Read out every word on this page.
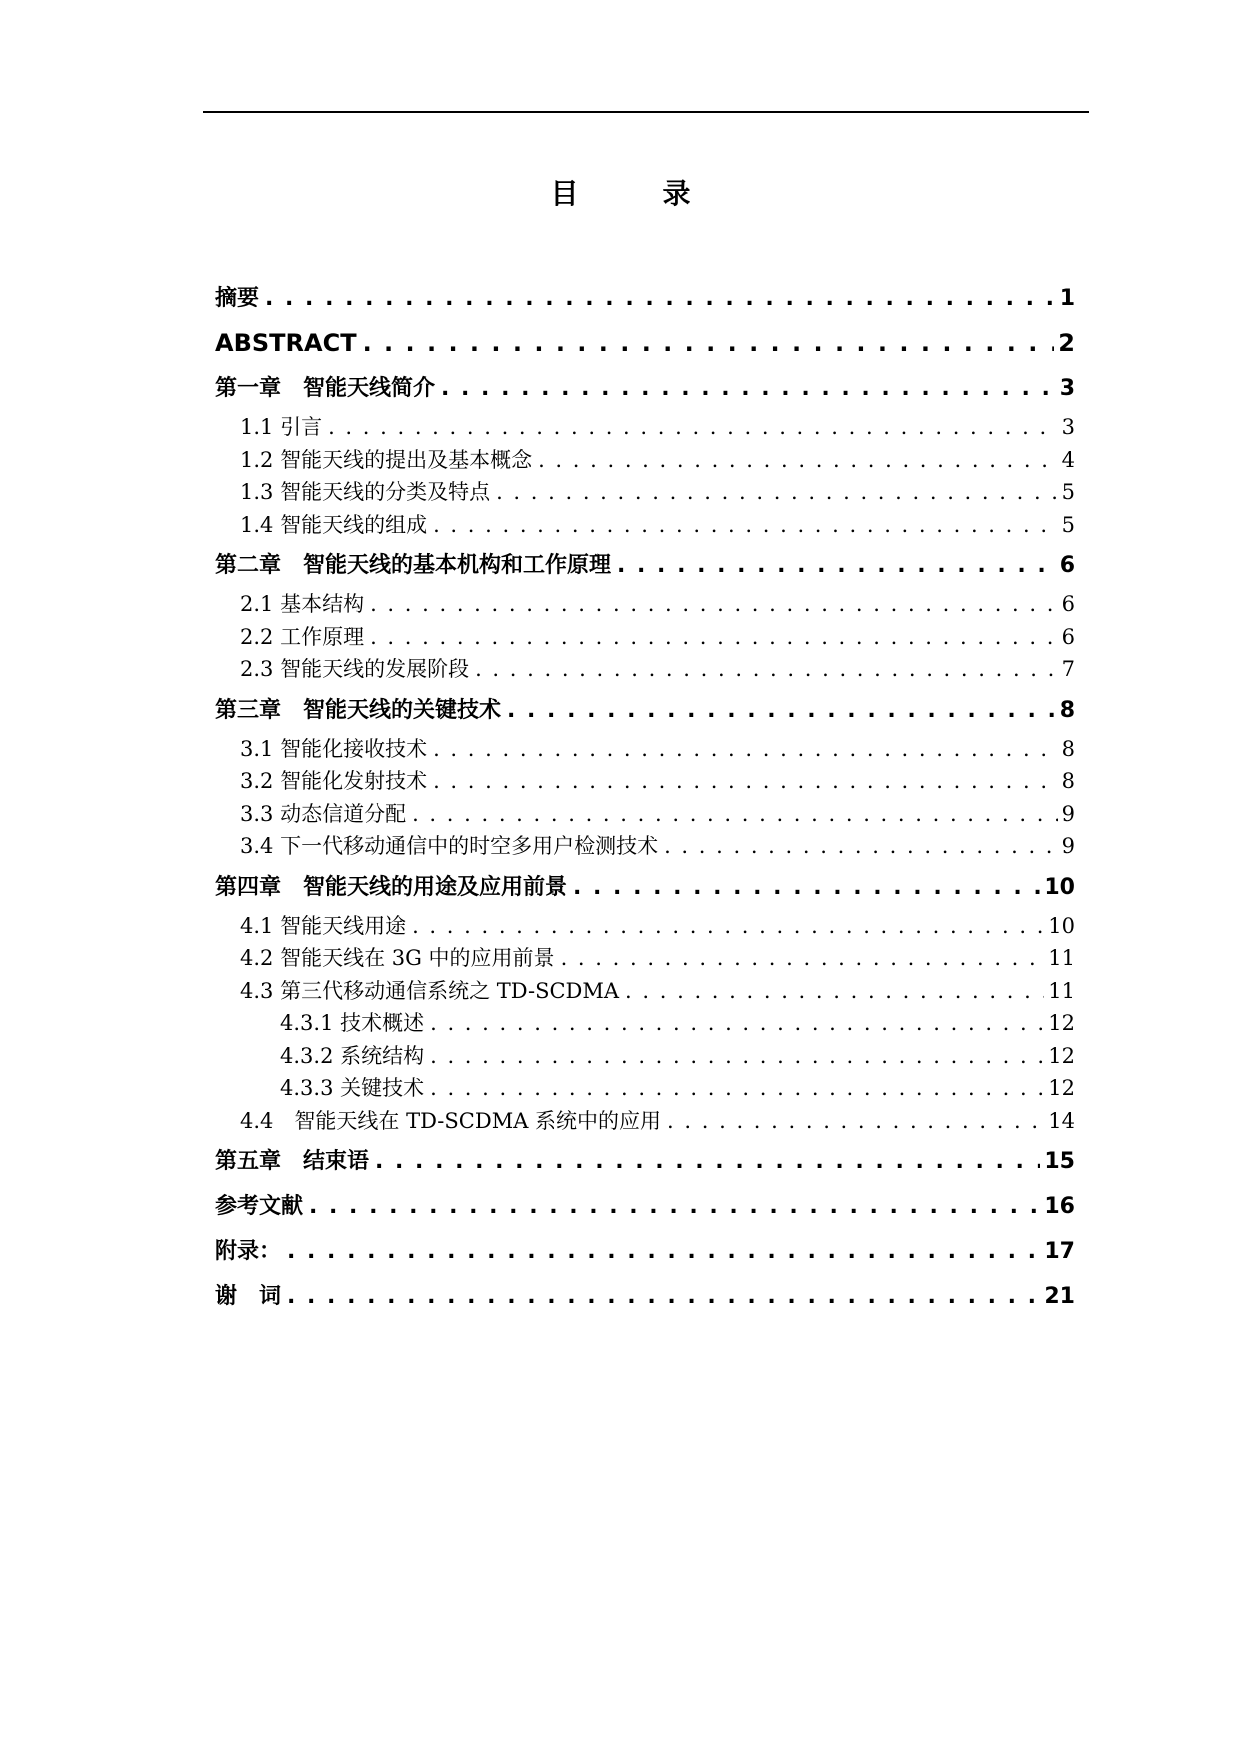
目　录
摘要 . . .	1
ABSTRACT . . .	2
第一章　智能天线简介 . . .	3
1.1 引言 . . .	3
1.2 智能天线的提出及基本概念 . . .	4
1.3 智能天线的分类及特点 . . .	5
1.4 智能天线的组成 . . .	5
第二章　智能天线的基本机构和工作原理 . . .	6
2.1 基本结构 . . .	6
2.2 工作原理 . . .	6
2.3 智能天线的发展阶段 . . .	7
第三章　智能天线的关键技术 . . .	8
3.1 智能化接收技术 . . .	8
3.2 智能化发射技术 . . .	8
3.3 动态信道分配 . . .	9
3.4 下一代移动通信中的时空多用户检测技术 . . .	9
第四章　智能天线的用途及应用前景 . . .	10
4.1 智能天线用途 . . .	10
4.2 智能天线在 3G 中的应用前景 . . .	11
4.3 第三代移动通信系统之 TD-SCDMA . . .	11
4.3.1 技术概述 . . .	12
4.3.2 系统结构 . . .	12
4.3.3 关键技术 . . .	12
4.4　智能天线在 TD-SCDMA 系统中的应用 . . .	14
第五章　结束语 . . .	15
参考文献 . . .	16
附录： . . .	17
谢　词 . . .	21
